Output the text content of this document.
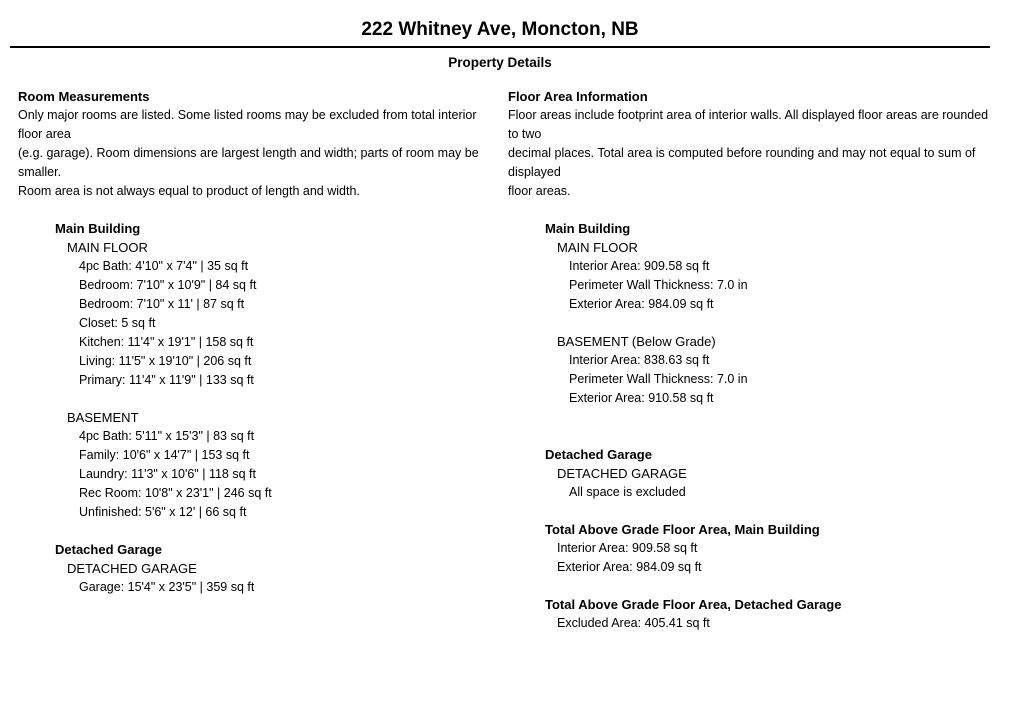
222 Whitney Ave, Moncton, NB
Property Details
Room Measurements
Only major rooms are listed. Some listed rooms may be excluded from total interior floor area
(e.g. garage). Room dimensions are largest length and width; parts of room may be smaller.
Room area is not always equal to product of length and width.
Main Building
MAIN FLOOR
4pc Bath: 4'10" x 7'4" | 35 sq ft
Bedroom: 7'10" x 10'9" | 84 sq ft
Bedroom: 7'10" x 11' | 87 sq ft
Closet: 5 sq ft
Kitchen: 11'4" x 19'1" | 158 sq ft
Living: 11'5" x 19'10" | 206 sq ft
Primary: 11'4" x 11'9" | 133 sq ft
BASEMENT
4pc Bath: 5'11" x 15'3" | 83 sq ft
Family: 10'6" x 14'7" | 153 sq ft
Laundry: 11'3" x 10'6" | 118 sq ft
Rec Room: 10'8" x 23'1" | 246 sq ft
Unfinished: 5'6" x 12' | 66 sq ft
Detached Garage
DETACHED GARAGE
Garage: 15'4" x 23'5" | 359 sq ft
Floor Area Information
Floor areas include footprint area of interior walls. All displayed floor areas are rounded to two
decimal places. Total area is computed before rounding and may not equal to sum of displayed
floor areas.
Main Building
MAIN FLOOR
Interior Area: 909.58 sq ft
Perimeter Wall Thickness: 7.0 in
Exterior Area: 984.09 sq ft
BASEMENT (Below Grade)
Interior Area: 838.63 sq ft
Perimeter Wall Thickness: 7.0 in
Exterior Area: 910.58 sq ft
Detached Garage
DETACHED GARAGE
All space is excluded
Total Above Grade Floor Area, Main Building
Interior Area: 909.58 sq ft
Exterior Area: 984.09 sq ft
Total Above Grade Floor Area, Detached Garage
Excluded Area: 405.41 sq ft
